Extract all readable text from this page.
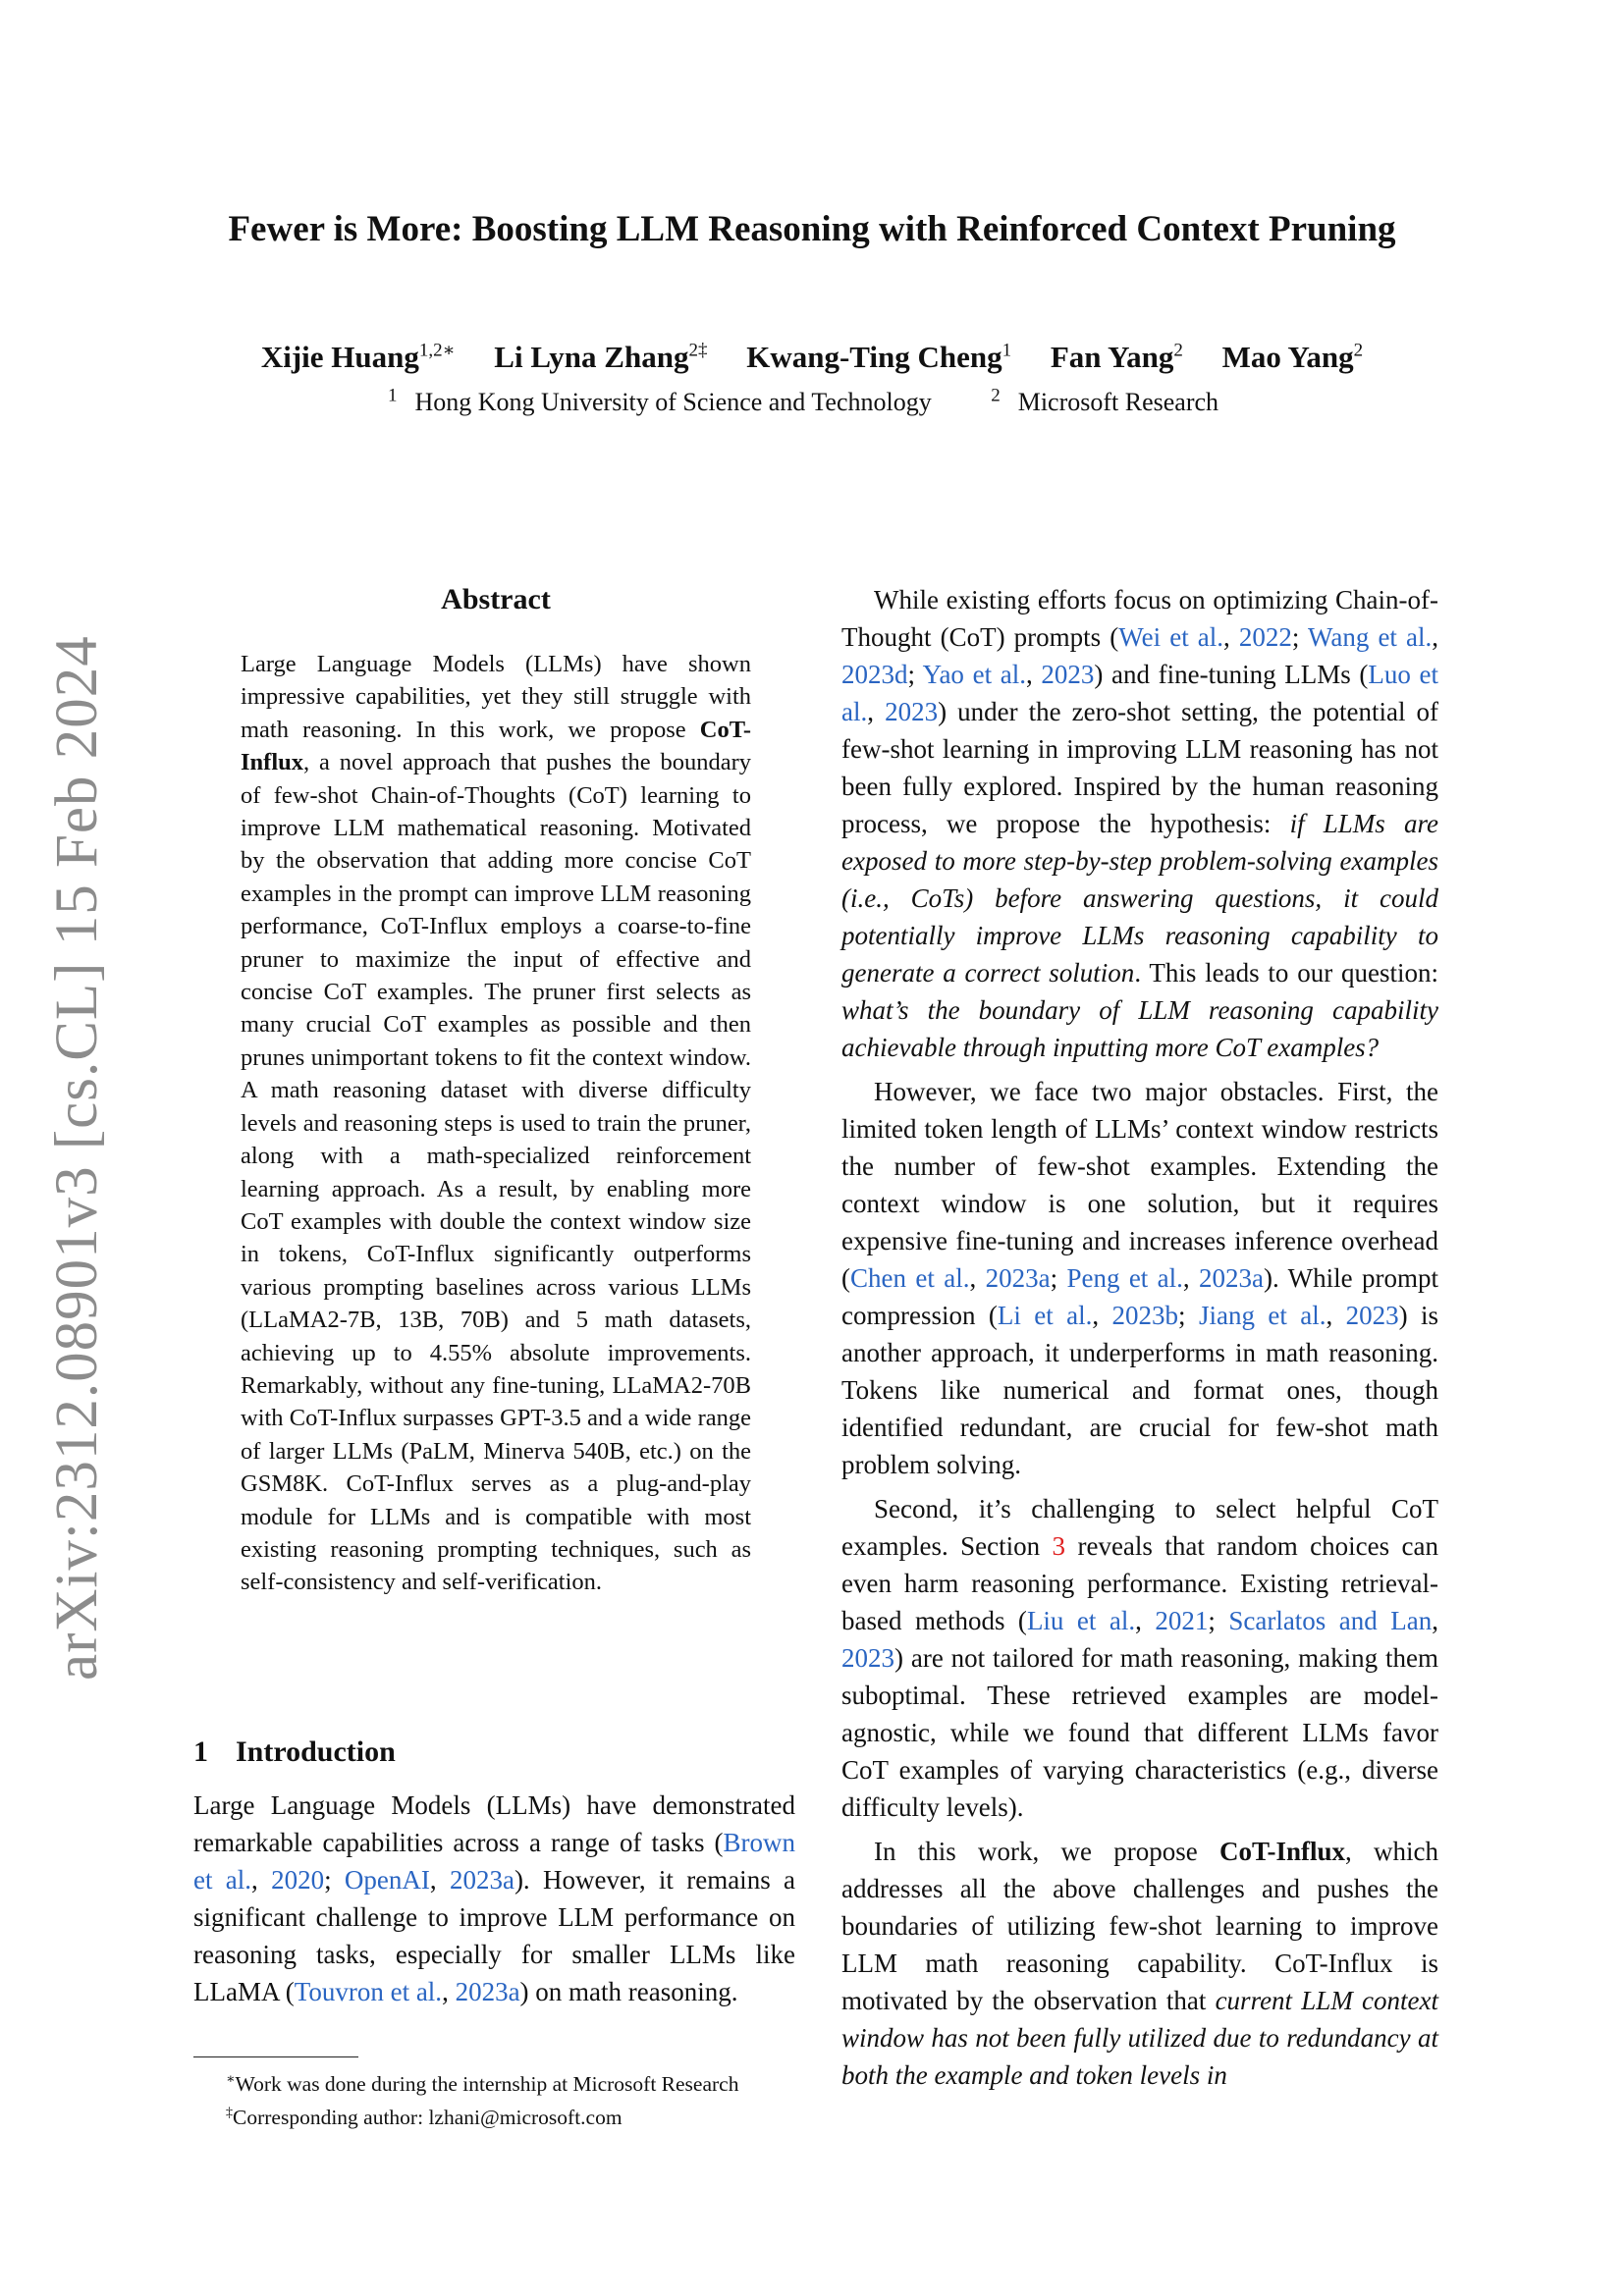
arXiv:2312.08901v3 [cs.CL] 15 Feb 2024
Fewer is More: Boosting LLM Reasoning with Reinforced Context Pruning
Xijie Huang$^{1,2∗}$ Li Lyna Zhang$^{2\ddagger}$ Kwang-Ting Cheng$^1$ Fan Yang$^2$ Mao Yang$^2$
$^1$ Hong Kong University of Science and Technology	$^2$ Microsoft Research
Abstract

Large Language Models (LLMs) have shown impressive capabilities, yet they still struggle with math reasoning. In this work, we propose CoT-Influx, a novel approach that pushes the boundary of few-shot Chain-of-Thoughts (CoT) learning to improve LLM mathematical reasoning. Motivated by the observation that adding more concise CoT examples in the prompt can improve LLM reasoning performance, CoT-Influx employs a coarse-to-fine pruner to maximize the input of effective and concise CoT examples. The pruner first selects as many crucial CoT examples as possible and then prunes unimportant tokens to fit the context window. A math reasoning dataset with diverse difficulty levels and reasoning steps is used to train the pruner, along with a math-specialized reinforcement learning approach. As a result, by enabling more CoT examples with double the context window size in tokens, CoT-Influx significantly outperforms various prompting baselines across various LLMs (LLaMA2-7B, 13B, 70B) and 5 math datasets, achieving up to 4.55% absolute improvements. Remarkably, without any fine-tuning, LLaMA2-70B with CoT-Influx surpasses GPT-3.5 and a wide range of larger LLMs (PaLM, Minerva 540B, etc.) on the GSM8K. CoT-Influx serves as a plug-and-play module for LLMs and is compatible with most existing reasoning prompting techniques, such as self-consistency and self-verification.

1 Introduction

Large Language Models (LLMs) have demonstrated remarkable capabilities across a range of tasks (Brown et al., 2020; OpenAI, 2023a). However, it remains a significant challenge to improve LLM performance on reasoning tasks, especially for smaller LLMs like LLaMA (Touvron et al., 2023a) on math reasoning.

∗Work was done during the internship at Microsoft Research
‡Corresponding author: lzhani@microsoft.com

While existing efforts focus on optimizing Chain-of-Thought (CoT) prompts (Wei et al., 2022; Wang et al., 2023d; Yao et al., 2023) and fine-tuning LLMs (Luo et al., 2023) under the zero-shot setting, the potential of few-shot learning in improving LLM reasoning has not been fully explored. Inspired by the human reasoning process, we propose the hypothesis: if LLMs are exposed to more step-by-step problem-solving examples (i.e., CoTs) before answering questions, it could potentially improve LLMs reasoning capability to generate a correct solution. This leads to our question: what’s the boundary of LLM reasoning capability achievable through inputting more CoT examples?

However, we face two major obstacles. First, the limited token length of LLMs’ context window restricts the number of few-shot examples. Extending the context window is one solution, but it requires expensive fine-tuning and increases inference overhead (Chen et al., 2023a; Peng et al., 2023a). While prompt compression (Li et al., 2023b; Jiang et al., 2023) is another approach, it underperforms in math reasoning. Tokens like numerical and format ones, though identified redundant, are crucial for few-shot math problem solving.

Second, it’s challenging to select helpful CoT examples. Section 3 reveals that random choices can even harm reasoning performance. Existing retrieval-based methods (Liu et al., 2021; Scarlatos and Lan, 2023) are not tailored for math reasoning, making them suboptimal. These retrieved examples are model-agnostic, while we found that different LLMs favor CoT examples of varying characteristics (e.g., diverse difficulty levels).

In this work, we propose CoT-Influx, which addresses all the above challenges and pushes the boundaries of utilizing few-shot learning to improve LLM math reasoning capability. CoT-Influx is motivated by the observation that current LLM context window has not been fully utilized due to redundancy at both the example and token levels in
